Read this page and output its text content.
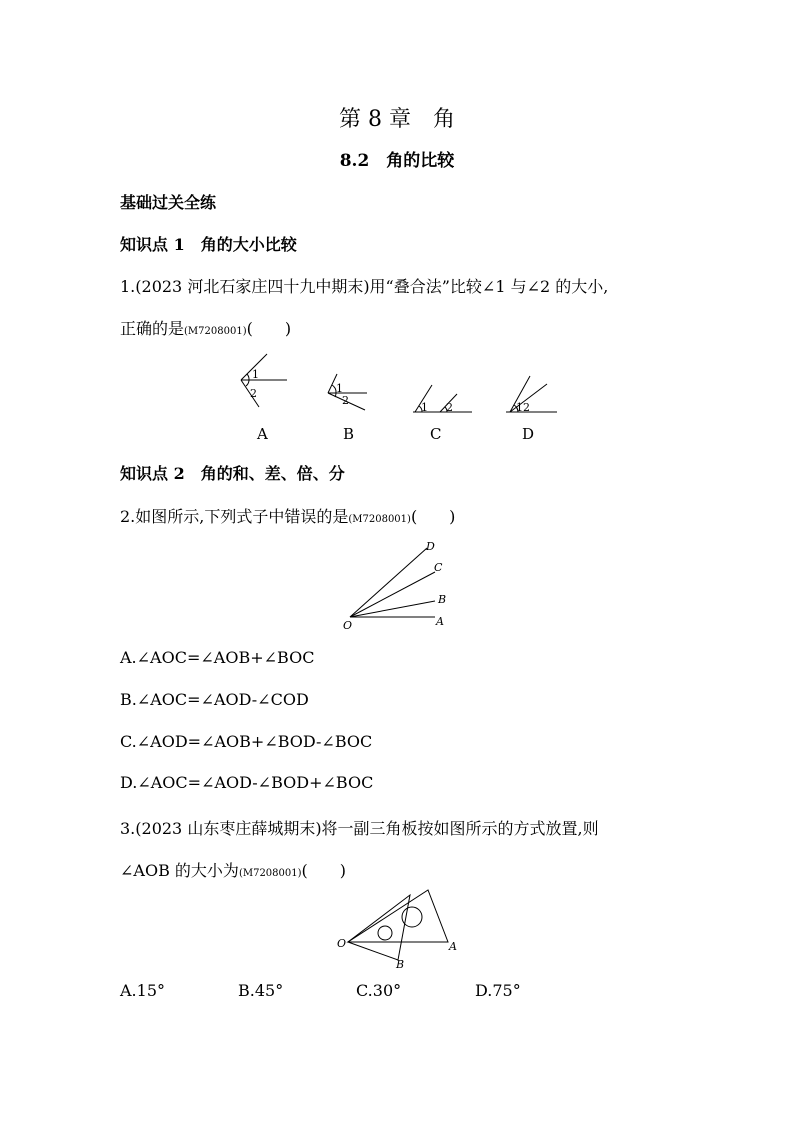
第 8 章　角
8.2　角的比较
基础过关全练
知识点 1　角的大小比较
1.(2023 河北石家庄四十九中期末)用“叠合法”比较∠1 与∠2 的大小,
正确的是(M7208001)(　　)
1
2
A
1
2
B
1 2
C
1 2
D
知识点 2　角的和、差、倍、分
2.如图所示,下列式子中错误的是(M7208001)(　　)
O	A
B
C
D
A.∠AOC=∠AOB+∠BOC
B.∠AOC=∠AOD-∠COD
C.∠AOD=∠AOB+∠BOD-∠BOC
D.∠AOC=∠AOD-∠BOD+∠BOC
3.(2023 山东枣庄薛城期末)将一副三角板按如图所示的方式放置,则
∠AOB 的大小为(M7208001)(　　)
O	A
B
A.15°	B.45°	C.30°	D.75°
